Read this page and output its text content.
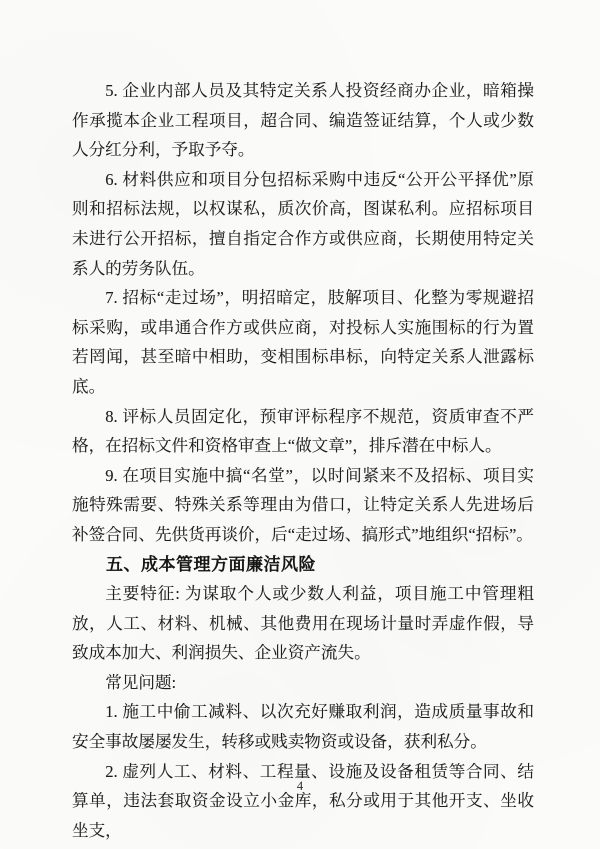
5. 企业内部人员及其特定关系人投资经商办企业，暗箱操作承揽本企业工程项目，超合同、编造签证结算，个人或少数人分红分利，予取予夺。

6. 材料供应和项目分包招标采购中违反“公开公平择优”原则和招标法规，以权谋私，质次价高，图谋私利。应招标项目未进行公开招标，擅自指定合作方或供应商，长期使用特定关系人的劳务队伍。

7. 招标“走过场”，明招暗定，肢解项目、化整为零规避招标采购，或串通合作方或供应商，对投标人实施围标的行为置若罔闻，甚至暗中相助，变相围标串标，向特定关系人泄露标底。

8. 评标人员固定化，预审评标程序不规范，资质审查不严格，在招标文件和资格审查上“做文章”，排斥潜在中标人。

9. 在项目实施中搞“名堂”，以时间紧来不及招标、项目实施特殊需要、特殊关系等理由为借口，让特定关系人先进场后补签合同、先供货再谈价，后“走过场、搞形式”地组织“招标”。

五、成本管理方面廉洁风险

主要特征: 为谋取个人或少数人利益，项目施工中管理粗放，人工、材料、机械、其他费用在现场计量时弄虚作假，导致成本加大、利润损失、企业资产流失。

常见问题:

1. 施工中偷工减料、以次充好赚取利润，造成质量事故和安全事故屡屡发生，转移或贱卖物资或设备，获利私分。

2. 虚列人工、材料、工程量、设施及设备租赁等合同、结算单，违法套取资金设立小金库，私分或用于其他开支、坐收坐支，

4
